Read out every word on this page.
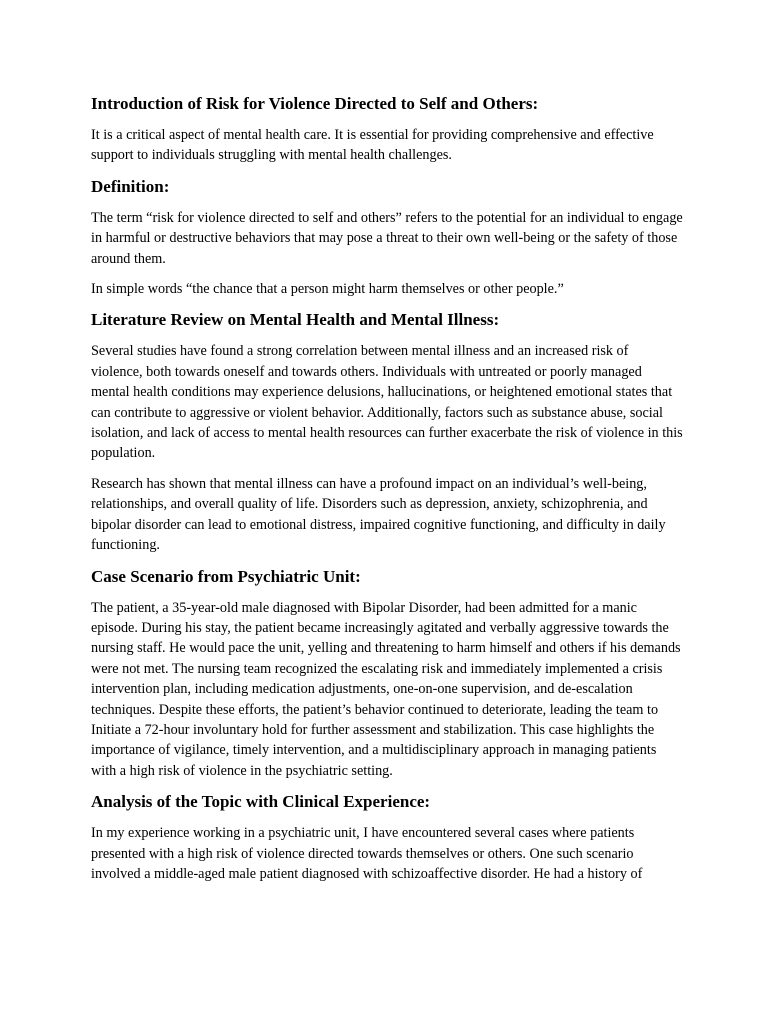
Introduction of Risk for Violence Directed to Self and Others:

It is a critical aspect of mental health care. It is essential for providing comprehensive and effective support to individuals struggling with mental health challenges.

Definition:

The term “risk for violence directed to self and others” refers to the potential for an individual to engage in harmful or destructive behaviors that may pose a threat to their own well-being or the safety of those around them.

In simple words “the chance that a person might harm themselves or other people.”

Literature Review on Mental Health and Mental Illness:

Several studies have found a strong correlation between mental illness and an increased risk of violence, both towards oneself and towards others. Individuals with untreated or poorly managed mental health conditions may experience delusions, hallucinations, or heightened emotional states that can contribute to aggressive or violent behavior. Additionally, factors such as substance abuse, social isolation, and lack of access to mental health resources can further exacerbate the risk of violence in this population.

Research has shown that mental illness can have a profound impact on an individual’s well-being, relationships, and overall quality of life. Disorders such as depression, anxiety, schizophrenia, and bipolar disorder can lead to emotional distress, impaired cognitive functioning, and difficulty in daily functioning.

Case Scenario from Psychiatric Unit:

The patient, a 35-year-old male diagnosed with Bipolar Disorder, had been admitted for a manic episode. During his stay, the patient became increasingly agitated and verbally aggressive towards the nursing staff. He would pace the unit, yelling and threatening to harm himself and others if his demands were not met. The nursing team recognized the escalating risk and immediately implemented a crisis intervention plan, including medication adjustments, one-on-one supervision, and de-escalation techniques. Despite these efforts, the patient’s behavior continued to deteriorate, leading the team to Initiate a 72-hour involuntary hold for further assessment and stabilization. This case highlights the importance of vigilance, timely intervention, and a multidisciplinary approach in managing patients with a high risk of violence in the psychiatric setting.

Analysis of the Topic with Clinical Experience:

In my experience working in a psychiatric unit, I have encountered several cases where patients presented with a high risk of violence directed towards themselves or others. One such scenario involved a middle-aged male patient diagnosed with schizoaffective disorder. He had a history of
